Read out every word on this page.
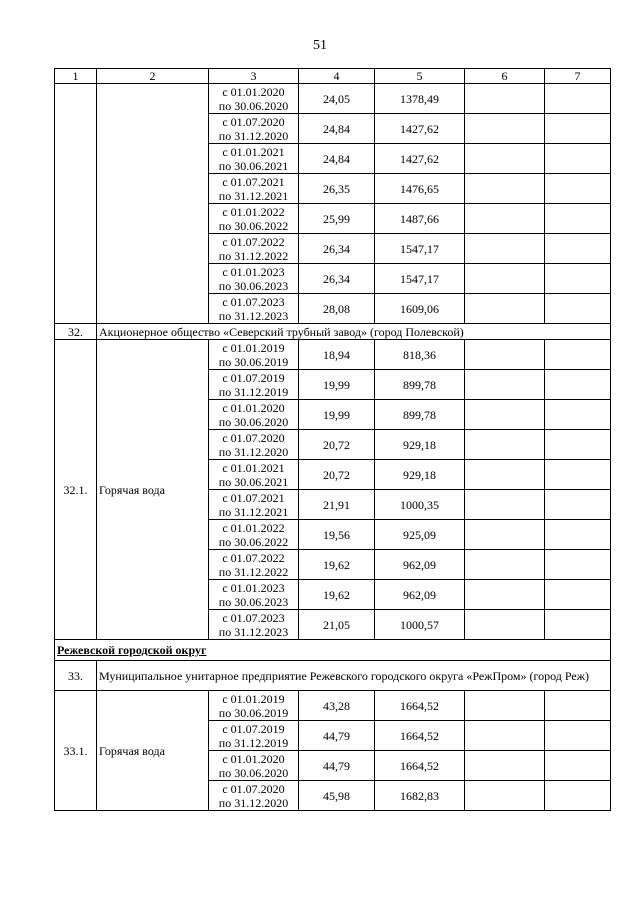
51
1	2	3	4	5	6	7

		с 01.01.2020
по 30.06.2020	24,05	1378,49		

		с 01.07.2020
по 31.12.2020	24,84	1427,62		

		с 01.01.2021
по 30.06.2021	24,84	1427,62		

		с 01.07.2021
по 31.12.2021	26,35	1476,65		

		с 01.01.2022
по 30.06.2022	25,99	1487,66		

		с 01.07.2022
по 31.12.2022	26,34	1547,17		

		с 01.01.2023
по 30.06.2023	26,34	1547,17		

		с 01.07.2023
по 31.12.2023	28,08	1609,06		
32.	Акционерное общество «Северский трубный завод» (город Полевской)					
32.1.	Горячая вода	с 01.01.2019
по 30.06.2019	18,94	818,36		

		с 01.07.2019
по 31.12.2019	19,99	899,78		

		с 01.01.2020
по 30.06.2020	19,99	899,78		

		с 01.07.2020
по 31.12.2020	20,72	929,18		

		с 01.01.2021
по 30.06.2021	20,72	929,18		

		с 01.07.2021
по 31.12.2021	21,91	1000,35		

		с 01.01.2022
по 30.06.2022	19,56	925,09		

		с 01.07.2022
по 31.12.2022	19,62	962,09		

		с 01.01.2023
по 30.06.2023	19,62	962,09		

		с 01.07.2023
по 31.12.2023	21,05	1000,57		
Режевской городской округ						
33.	Муниципальное унитарное предприятие Режевского городского округа «РежПром» (город Реж)					
33.1.	Горячая вода	с 01.01.2019
по 30.06.2019	43,28	1664,52		

		с 01.07.2019
по 31.12.2019	44,79	1664,52		

		с 01.01.2020
по 30.06.2020	44,79	1664,52		

		с 01.07.2020
по 31.12.2020	45,98	1682,83		
